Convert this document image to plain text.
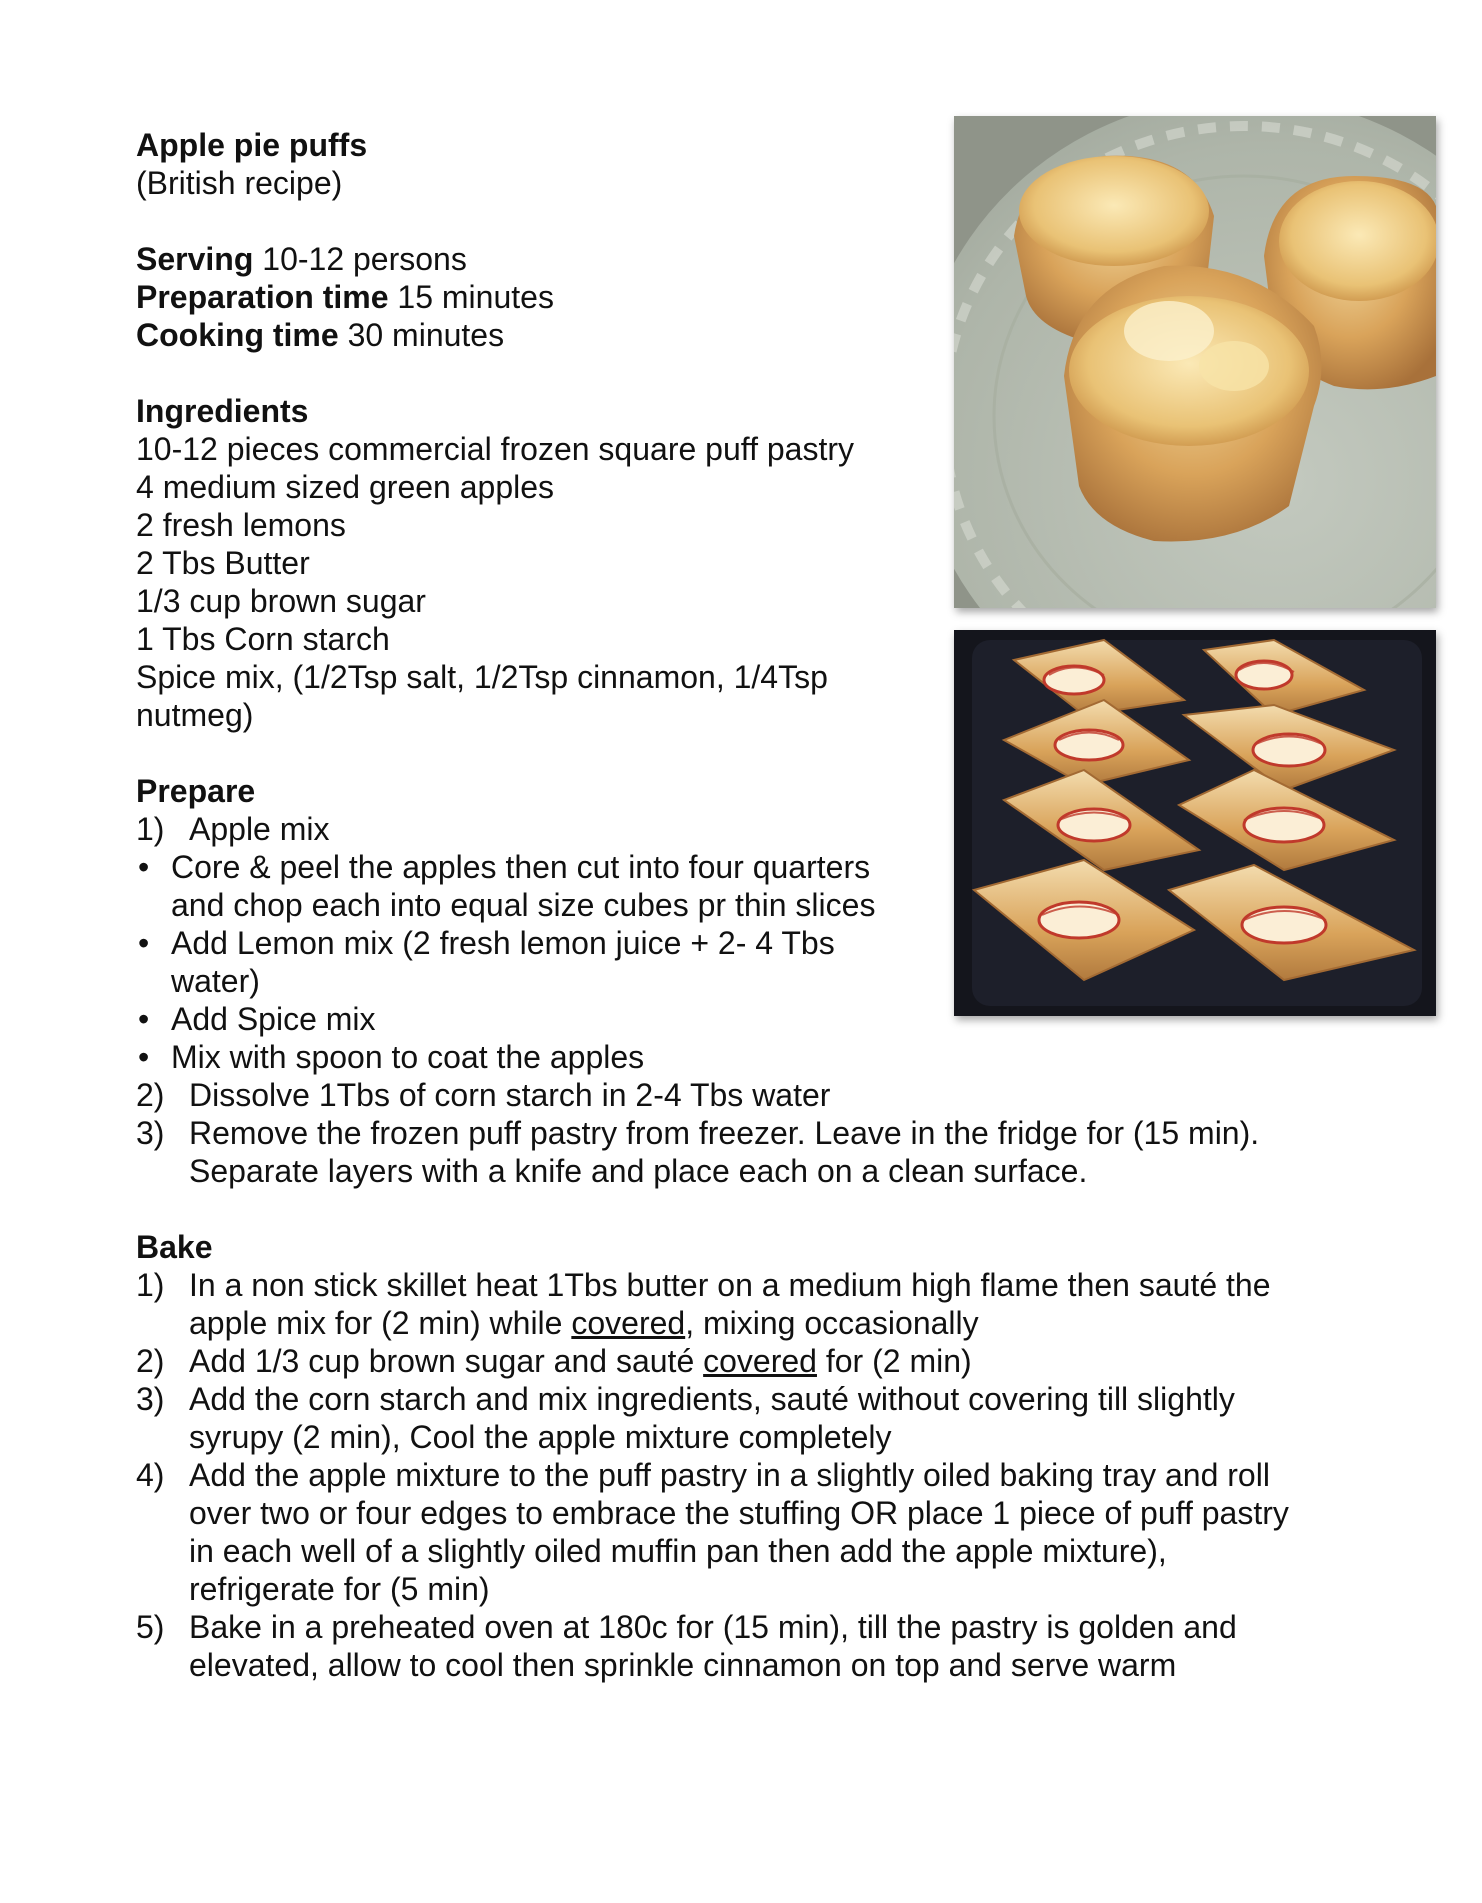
Apple pie puffs
(British recipe)
Serving 10-12 persons
Preparation time 15 minutes
Cooking time 30 minutes
Ingredients
10-12 pieces commercial frozen square puff pastry
4 medium sized green apples
2 fresh lemons
2 Tbs Butter
1/3 cup brown sugar
1 Tbs Corn starch
Spice mix, (1/2Tsp salt, 1/2Tsp cinnamon, 1/4Tsp
nutmeg)
Prepare
1) Apple mix
• Core & peel the apples then cut into four quarters
and chop each into equal size cubes pr thin slices
• Add Lemon mix (2 fresh lemon juice + 2- 4 Tbs
water)
• Add Spice mix
• Mix with spoon to coat the apples
2) Dissolve 1Tbs of corn starch in 2-4 Tbs water
3) Remove the frozen puff pastry from freezer. Leave in the fridge for (15 min).
Separate layers with a knife and place each on a clean surface.
Bake
1) In a non stick skillet heat 1Tbs butter on a medium high flame then sauté the
apple mix for (2 min) while covered, mixing occasionally
2) Add 1/3 cup brown sugar and sauté covered for (2 min)
3) Add the corn starch and mix ingredients, sauté without covering till slightly
syrupy (2 min), Cool the apple mixture completely
4) Add the apple mixture to the puff pastry in a slightly oiled baking tray and roll
over two or four edges to embrace the stuffing OR place 1 piece of puff pastry
in each well of a slightly oiled muffin pan then add the apple mixture),
refrigerate for (5 min)
5) Bake in a preheated oven at 180c for (15 min), till the pastry is golden and
elevated, allow to cool then sprinkle cinnamon on top and serve warm
